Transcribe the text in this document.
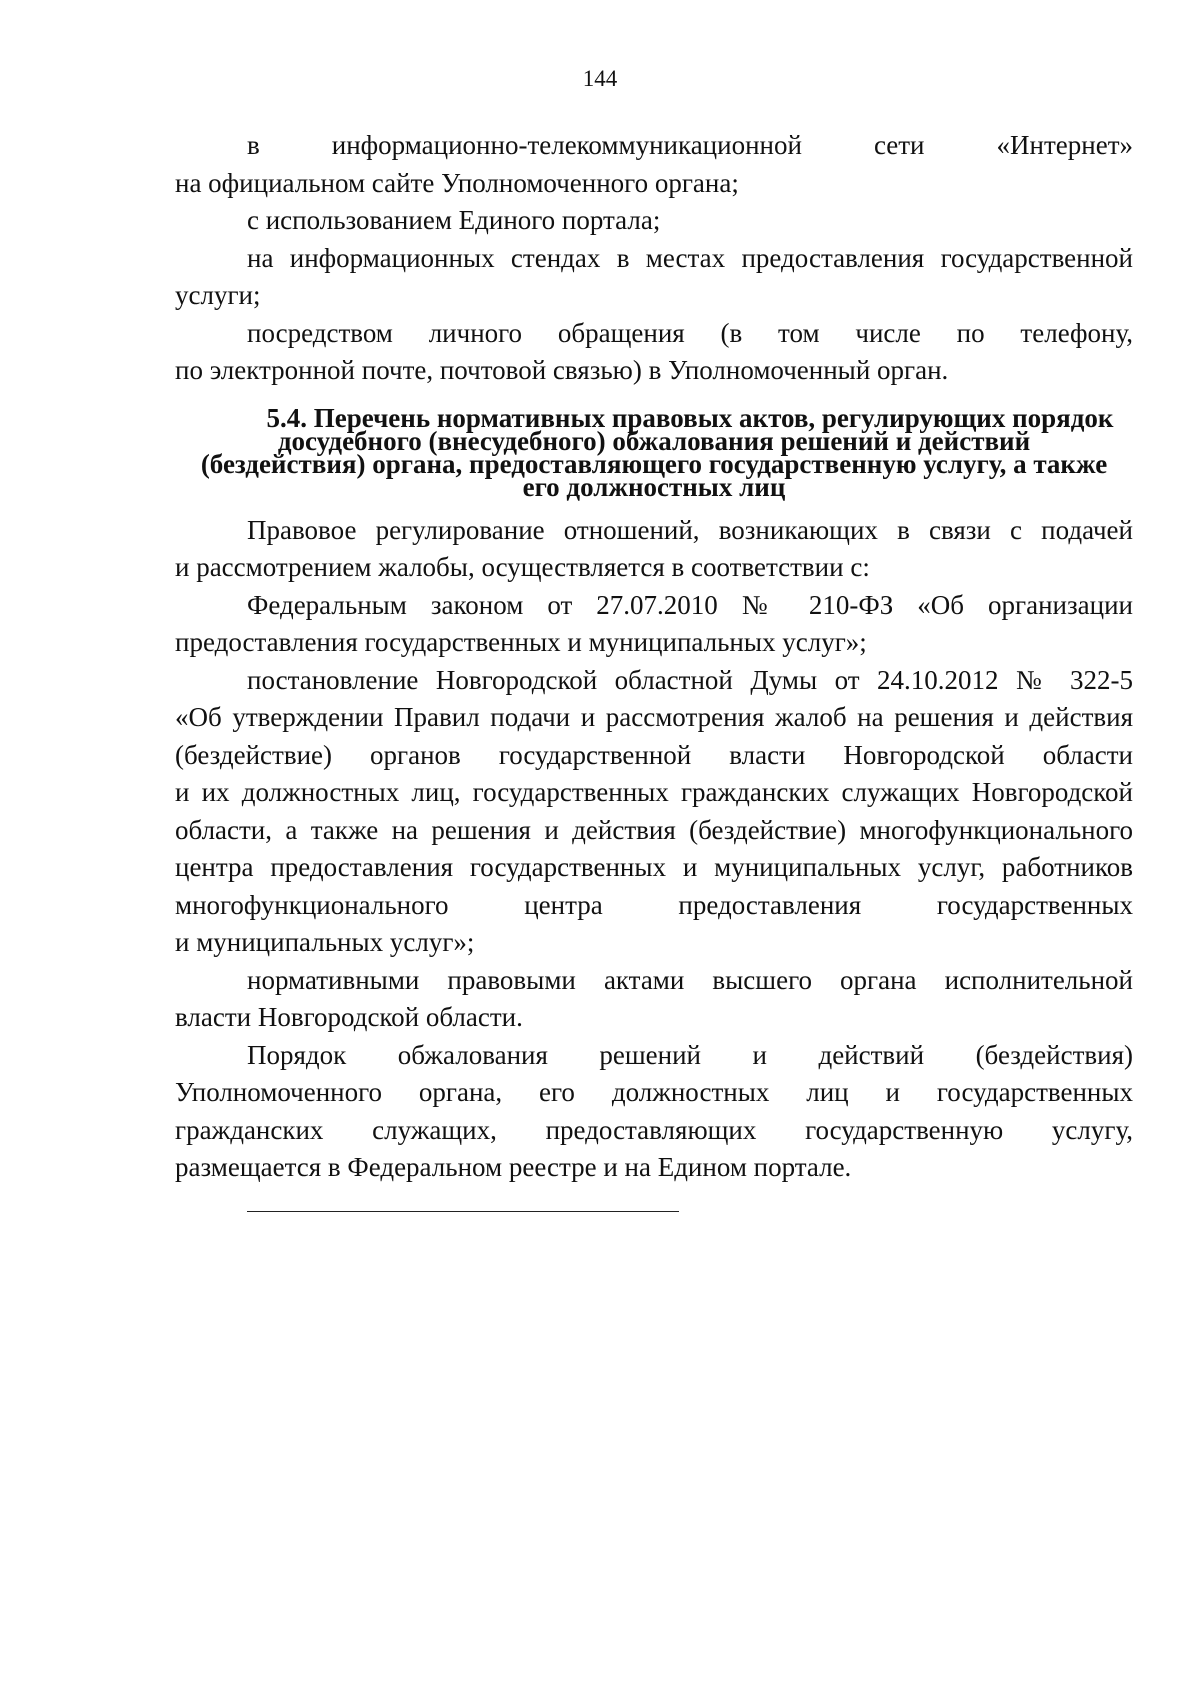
144
в информационно-телекоммуникационной сети «Интернет»
на официальном сайте Уполномоченного органа;
с использованием Единого портала;
на информационных стендах в местах предоставления государственной
услуги;
посредством личного обращения (в том числе по телефону,
по электронной почте, почтовой связью) в Уполномоченный орган.
5.4. Перечень нормативных правовых актов, регулирующих порядок
досудебного (внесудебного) обжалования решений и действий
(бездействия) органа, предоставляющего государственную услугу, а также
его должностных лиц
Правовое регулирование отношений, возникающих в связи с подачей
и рассмотрением жалобы, осуществляется в соответствии с:
Федеральным законом от 27.07.2010 № 210-ФЗ «Об организации
предоставления государственных и муниципальных услуг»;
постановление Новгородской областной Думы от 24.10.2012 № 322-5
«Об утверждении Правил подачи и рассмотрения жалоб на решения и действия
(бездействие) органов государственной власти Новгородской области
и их должностных лиц, государственных гражданских служащих Новгородской
области, а также на решения и действия (бездействие) многофункционального
центра предоставления государственных и муниципальных услуг, работников
многофункционального центра предоставления государственных
и муниципальных услуг»;
нормативными правовыми актами высшего органа исполнительной
власти Новгородской области.
Порядок обжалования решений и действий (бездействия)
Уполномоченного органа, его должностных лиц и государственных
гражданских служащих, предоставляющих государственную услугу,
размещается в Федеральном реестре и на Едином портале.
